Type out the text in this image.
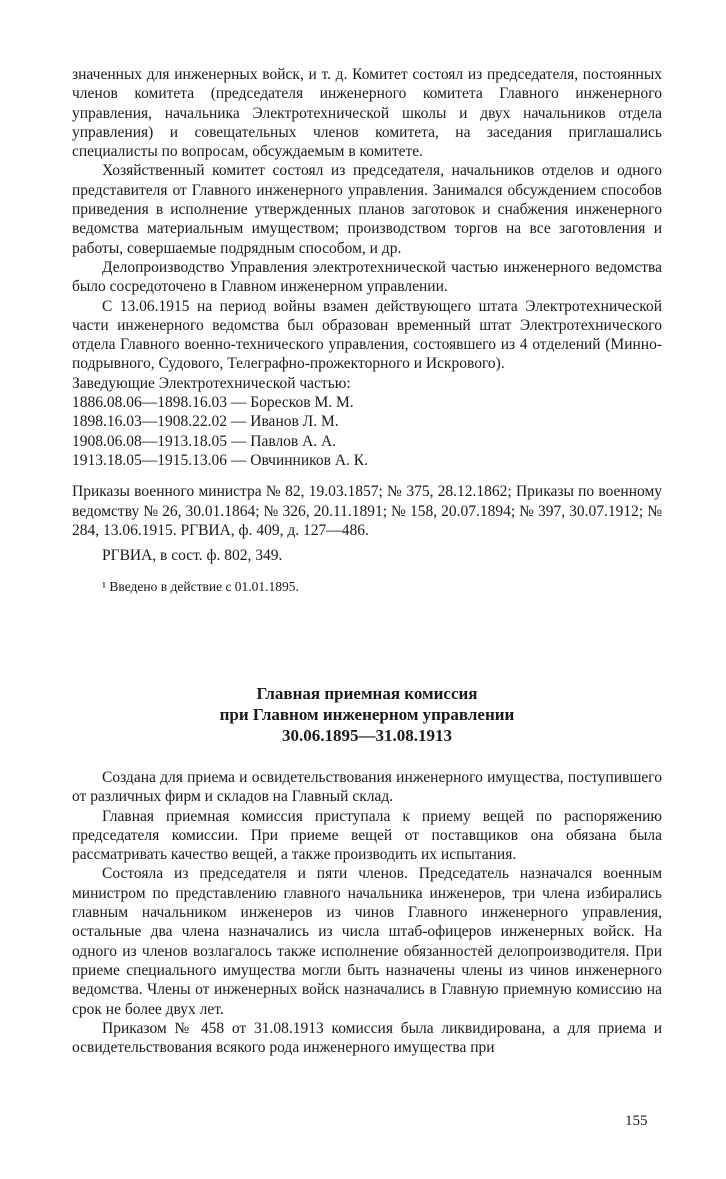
значенных для инженерных войск, и т. д. Комитет состоял из председателя, постоянных членов комитета (председателя инженерного комитета Главного инженерного управления, начальника Электротехнической школы и двух начальников отдела управления) и совещательных членов комитета, на заседания приглашались специалисты по вопросам, обсуждаемым в комитете.

Хозяйственный комитет состоял из председателя, начальников отделов и одного представителя от Главного инженерного управления. Занимался обсуждением способов приведения в исполнение утвержденных планов заготовок и снабжения инженерного ведомства материальным имуществом; производством торгов на все заготовления и работы, совершаемые подрядным способом, и др.

Делопроизводство Управления электротехнической частью инженерного ведомства было сосредоточено в Главном инженерном управлении.

С 13.06.1915 на период войны взамен действующего штата Электротехнической части инженерного ведомства был образован временный штат Электротехнического отдела Главного военно-технического управления, состоявшего из 4 отделений (Минно-подрывного, Судового, Телеграфно-прожекторного и Искрового).

Заведующие Электротехнической частью:

1886.08.06—1898.16.03 — Боресков М. М.

1898.16.03—1908.22.02 — Иванов Л. М.

1908.06.08—1913.18.05 — Павлов А. А.

1913.18.05—1915.13.06 — Овчинников А. К.

Приказы военного министра № 82, 19.03.1857; № 375, 28.12.1862; Приказы по военному ведомству № 26, 30.01.1864; № 326, 20.11.1891; № 158, 20.07.1894; № 397, 30.07.1912; № 284, 13.06.1915. РГВИА, ф. 409, д. 127—486.

РГВИА, в сост. ф. 802, 349.

¹ Введено в действие с 01.01.1895.

Главная приемная комиссия
при Главном инженерном управлении
30.06.1895—31.08.1913

Создана для приема и освидетельствования инженерного имущества, поступившего от различных фирм и складов на Главный склад.

Главная приемная комиссия приступала к приему вещей по распоряжению председателя комиссии. При приеме вещей от поставщиков она обязана была рассматривать качество вещей, а также производить их испытания.

Состояла из председателя и пяти членов. Председатель назначался военным министром по представлению главного начальника инженеров, три члена избирались главным начальником инженеров из чинов Главного инженерного управления, остальные два члена назначались из числа штаб-офицеров инженерных войск. На одного из членов возлагалось также исполнение обязанностей делопроизводителя. При приеме специального имущества могли быть назначены члены из чинов инженерного ведомства. Члены от инженерных войск назначались в Главную приемную комиссию на срок не более двух лет.

Приказом № 458 от 31.08.1913 комиссия была ликвидирована, а для приема и освидетельствования всякого рода инженерного имущества при

155
